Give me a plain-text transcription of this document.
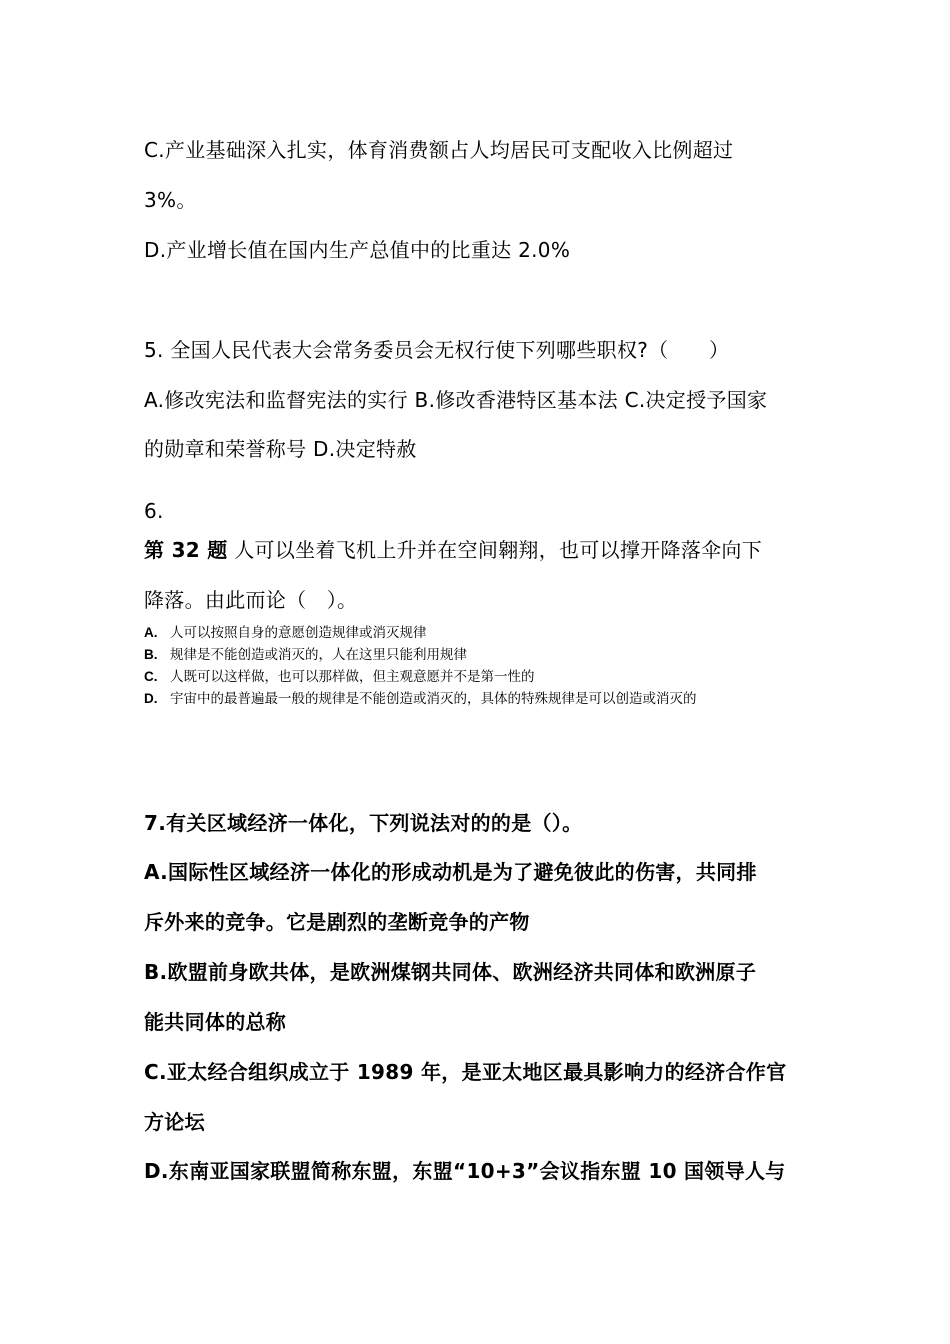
C.产业基础深入扎实，体育消费额占人均居民可支配收入比例超过
3%。
D.产业增长值在国内生产总值中的比重达 2.0%
5. 全国人民代表大会常务委员会无权行使下列哪些职权?（　　）
A.修改宪法和监督宪法的实行 B.修改香港特区基本法 C.决定授予国家
的勋章和荣誉称号 D.决定特赦
6.
第 32 题 人可以坐着飞机上升并在空间翱翔，也可以撑开降落伞向下
降落。由此而论（　）。
A. 人可以按照自身的意愿创造规律或消灭规律
B. 规律是不能创造或消灭的，人在这里只能利用规律
C. 人既可以这样做，也可以那样做，但主观意愿并不是第一性的
D. 宇宙中的最普遍最一般的规律是不能创造或消灭的，具体的特殊规律是可以创造或消灭的
7.有关区域经济一体化，下列说法对的的是（）。
A.国际性区域经济一体化的形成动机是为了避免彼此的伤害，共同排
斥外来的竞争。它是剧烈的垄断竞争的产物
B.欧盟前身欧共体，是欧洲煤钢共同体、欧洲经济共同体和欧洲原子
能共同体的总称
C.亚太经合组织成立于 1989 年，是亚太地区最具影响力的经济合作官
方论坛
D.东南亚国家联盟简称东盟，东盟“10+3”会议指东盟 10 国领导人与
